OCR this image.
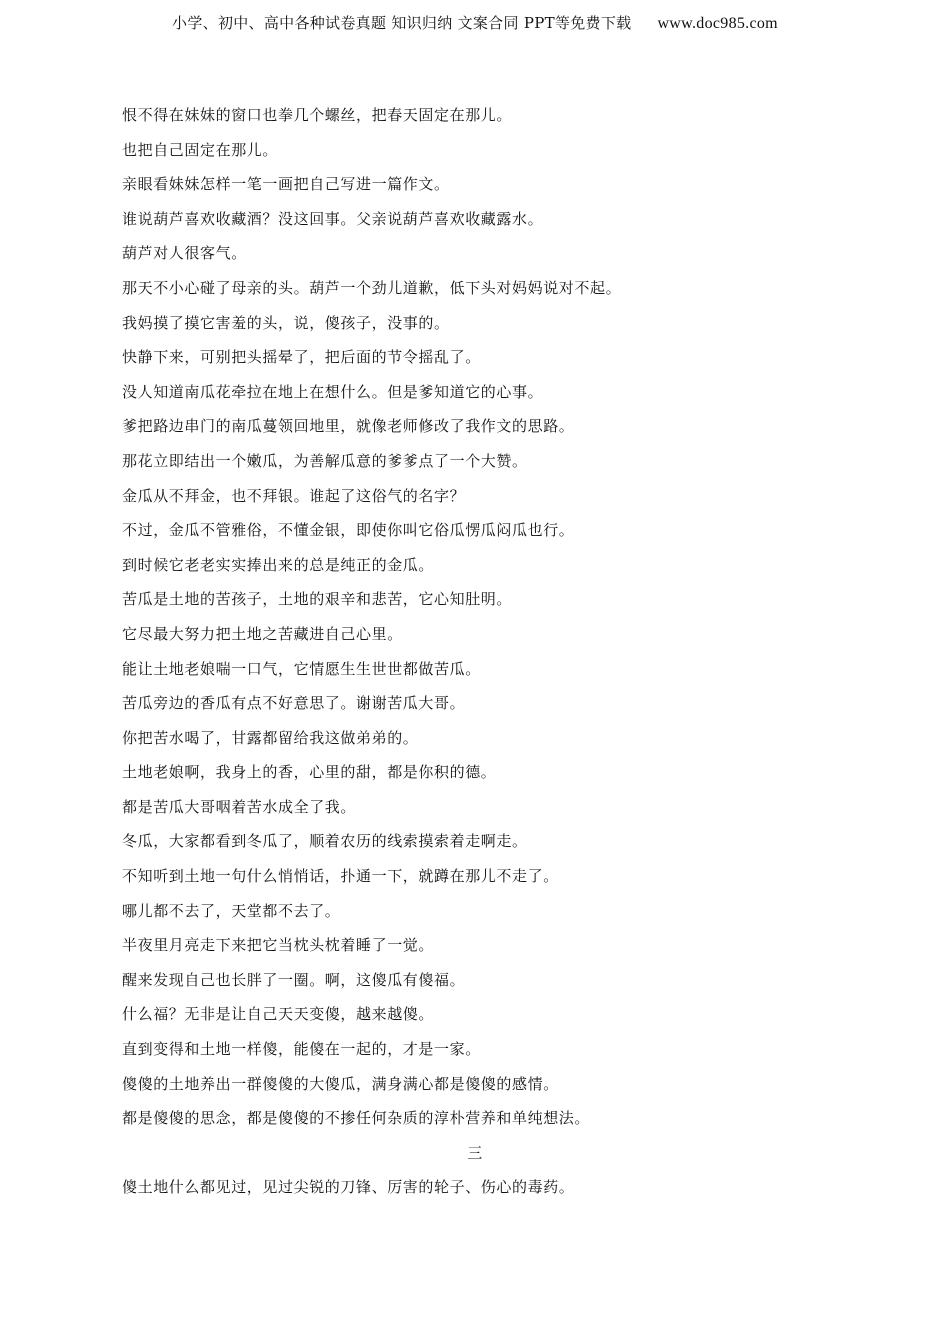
小学、初中、高中各种试卷真题 知识归纳 文案合同 PPT等免费下载 www.doc985.com
恨不得在妹妹的窗口也拳几个螺丝，把春天固定在那儿。
也把自己固定在那儿。
亲眼看妹妹怎样一笔一画把自己写进一篇作文。
谁说葫芦喜欢收藏酒？没这回事。父亲说葫芦喜欢收藏露水。
葫芦对人很客气。
那天不小心碰了母亲的头。葫芦一个劲儿道歉，低下头对妈妈说对不起。
我妈摸了摸它害羞的头，说，傻孩子，没事的。
快静下来，可别把头摇晕了，把后面的节令摇乱了。
没人知道南瓜花牵拉在地上在想什么。但是爹知道它的心事。
爹把路边串门的南瓜蔓领回地里，就像老师修改了我作文的思路。
那花立即结出一个嫩瓜，为善解瓜意的爹爹点了一个大赞。
金瓜从不拜金，也不拜银。谁起了这俗气的名字？
不过，金瓜不管雅俗，不懂金银，即使你叫它俗瓜愣瓜闷瓜也行。
到时候它老老实实捧出来的总是纯正的金瓜。
苦瓜是土地的苦孩子，土地的艰辛和悲苦，它心知肚明。
它尽最大努力把土地之苦藏进自己心里。
能让土地老娘喘一口气，它情愿生生世世都做苦瓜。
苦瓜旁边的香瓜有点不好意思了。谢谢苦瓜大哥。
你把苦水喝了，甘露都留给我这做弟弟的。
土地老娘啊，我身上的香，心里的甜，都是你积的德。
都是苦瓜大哥咽着苦水成全了我。
冬瓜，大家都看到冬瓜了，顺着农历的线索摸索着走啊走。
不知听到土地一句什么悄悄话，扑通一下，就蹲在那儿不走了。
哪儿都不去了，天堂都不去了。
半夜里月亮走下来把它当枕头枕着睡了一觉。
醒来发现自己也长胖了一圈。啊，这傻瓜有傻福。
什么福？无非是让自己天天变傻，越来越傻。
直到变得和土地一样傻，能傻在一起的，才是一家。
傻傻的土地养出一群傻傻的大傻瓜，满身满心都是傻傻的感情。
都是傻傻的思念，都是傻傻的不掺任何杂质的淳朴营养和单纯想法。
三
傻土地什么都见过，见过尖锐的刀锋、厉害的轮子、伤心的毒药。
